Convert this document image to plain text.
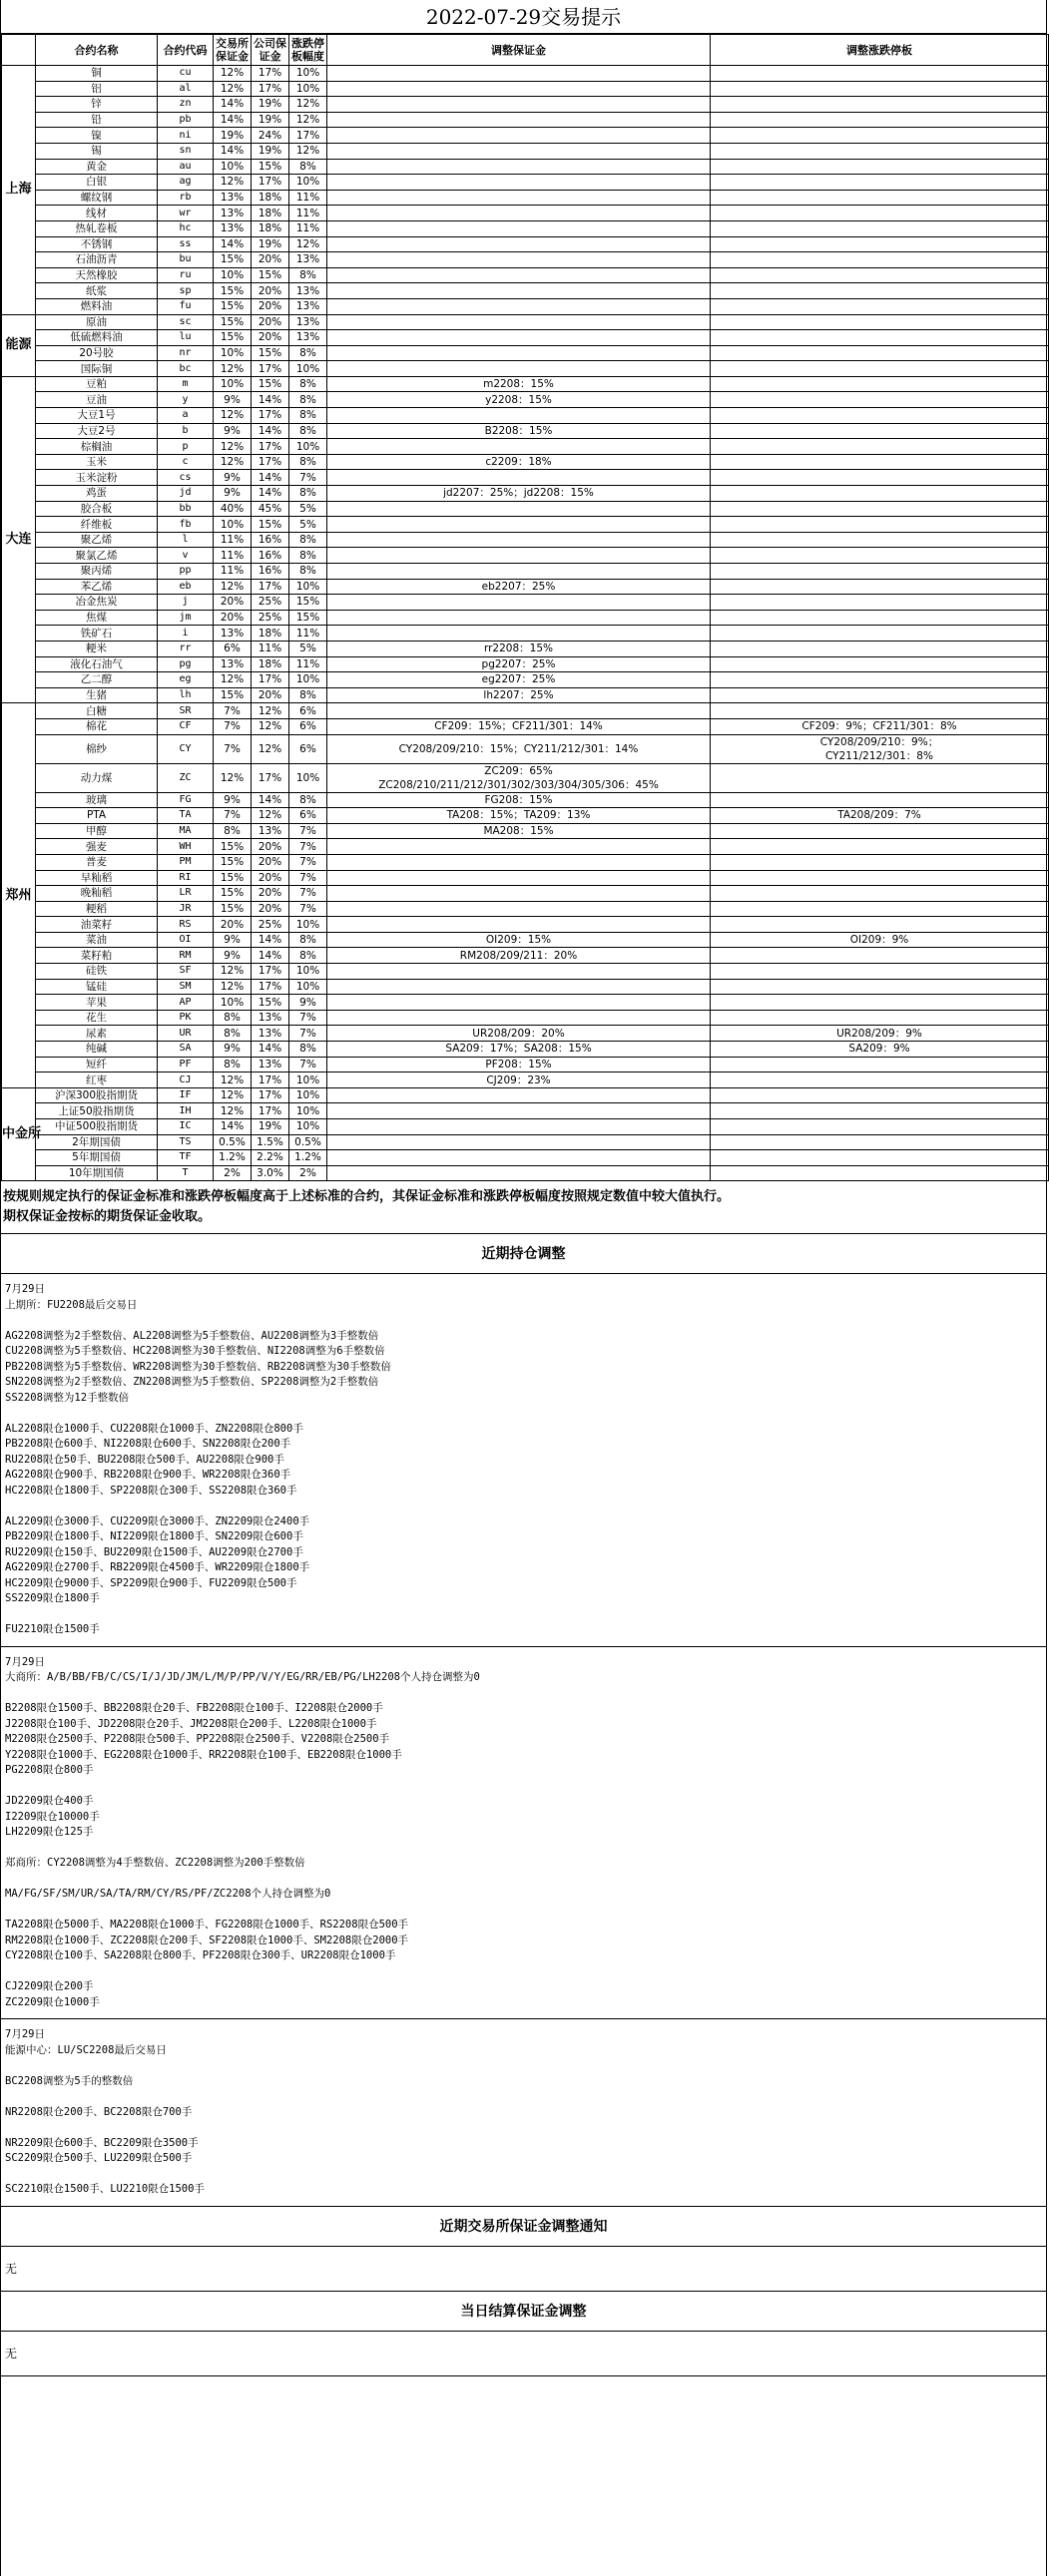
2022-07-29交易提示
	合约名称	合约代码	交易所保证金	公司保证金	涨跌停板幅度	调整保证金	调整涨跌停板
上海	铜	cu	12%	17%	10%		
	铝	al	12%	17%	10%		
	锌	zn	14%	19%	12%		
	铅	pb	14%	19%	12%		
	镍	ni	19%	24%	17%		
	锡	sn	14%	19%	12%		
	黄金	au	10%	15%	8%		
	白银	ag	12%	17%	10%		
	螺纹钢	rb	13%	18%	11%		
	线材	wr	13%	18%	11%		
	热轧卷板	hc	13%	18%	11%		
	不锈钢	ss	14%	19%	12%		
	石油沥青	bu	15%	20%	13%		
	天然橡胶	ru	10%	15%	8%		
	纸浆	sp	15%	20%	13%		
	燃料油	fu	15%	20%	13%		
能源	原油	sc	15%	20%	13%		
	低硫燃料油	lu	15%	20%	13%		
	20号胶	nr	10%	15%	8%		
	国际铜	bc	12%	17%	10%		
大连	豆粕	m	10%	15%	8%	m2208：15%	
	豆油	y	9%	14%	8%	y2208：15%	
	大豆1号	a	12%	17%	8%		
	大豆2号	b	9%	14%	8%	B2208：15%	
	棕榈油	p	12%	17%	10%		
	玉米	c	12%	17%	8%	c2209：18%	
	玉米淀粉	cs	9%	14%	7%		
	鸡蛋	jd	9%	14%	8%	jd2207：25%；jd2208：15%	
	胶合板	bb	40%	45%	5%		
	纤维板	fb	10%	15%	5%		
	聚乙烯	l	11%	16%	8%		
	聚氯乙烯	v	11%	16%	8%		
	聚丙烯	pp	11%	16%	8%		
	苯乙烯	eb	12%	17%	10%	eb2207：25%	
	冶金焦炭	j	20%	25%	15%		
	焦煤	jm	20%	25%	15%		
	铁矿石	i	13%	18%	11%		
	粳米	rr	6%	11%	5%	rr2208：15%	
	液化石油气	pg	13%	18%	11%	pg2207：25%	
	乙二醇	eg	12%	17%	10%	eg2207：25%	
	生猪	lh	15%	20%	8%	lh2207：25%	
郑州	白糖	SR	7%	12%	6%		
	棉花	CF	7%	12%	6%	CF209：15%；CF211/301：14%	CF209：9%；CF211/301：8%
	棉纱	CY	7%	12%	6%	CY208/209/210：15%；CY211/212/301：14%	CY208/209/210：9%；
CY211/212/301：8%
	动力煤	ZC	12%	17%	10%	ZC209：65%
ZC208/210/211/212/301/302/303/304/305/306：45%	
	玻璃	FG	9%	14%	8%	FG208：15%	
	PTA	TA	7%	12%	6%	TA208：15%；TA209：13%	TA208/209：7%
	甲醇	MA	8%	13%	7%	MA208：15%	
	强麦	WH	15%	20%	7%		
	普麦	PM	15%	20%	7%		
	早籼稻	RI	15%	20%	7%		
	晚籼稻	LR	15%	20%	7%		
	粳稻	JR	15%	20%	7%		
	油菜籽	RS	20%	25%	10%		
	菜油	OI	9%	14%	8%	OI209：15%	OI209：9%
	菜籽粕	RM	9%	14%	8%	RM208/209/211：20%	
	硅铁	SF	12%	17%	10%		
	锰硅	SM	12%	17%	10%		
	苹果	AP	10%	15%	9%		
	花生	PK	8%	13%	7%		
	尿素	UR	8%	13%	7%	UR208/209：20%	UR208/209：9%
	纯碱	SA	9%	14%	8%	SA209：17%；SA208：15%	SA209：9%
	短纤	PF	8%	13%	7%	PF208：15%	
	红枣	CJ	12%	17%	10%	CJ209：23%	
中金所	沪深300股指期货	IF	12%	17%	10%		
	上证50股指期货	IH	12%	17%	10%		
	中证500股指期货	IC	14%	19%	10%		
	2年期国债	TS	0.5%	1.5%	0.5%		
	5年期国债	TF	1.2%	2.2%	1.2%		
	10年期国债	T	2%	3.0%	2%		
按规则规定执行的保证金标准和涨跌停板幅度高于上述标准的合约，其保证金标准和涨跌停板幅度按照规定数值中较大值执行。
期权保证金按标的期货保证金收取。
近期持仓调整
7月29日
上期所：FU2208最后交易日

AG2208调整为2手整数倍、AL2208调整为5手整数倍、AU2208调整为3手整数倍
CU2208调整为5手整数倍、HC2208调整为30手整数倍、NI2208调整为6手整数倍
PB2208调整为5手整数倍、WR2208调整为30手整数倍、RB2208调整为30手整数倍
SN2208调整为2手整数倍、ZN2208调整为5手整数倍、SP2208调整为2手整数倍
SS2208调整为12手整数倍

AL2208限仓1000手、CU2208限仓1000手、ZN2208限仓800手
PB2208限仓600手、NI2208限仓600手、SN2208限仓200手
RU2208限仓50手、BU2208限仓500手、AU2208限仓900手
AG2208限仓900手、RB2208限仓900手、WR2208限仓360手
HC2208限仓1800手、SP2208限仓300手、SS2208限仓360手

AL2209限仓3000手、CU2209限仓3000手、ZN2209限仓2400手
PB2209限仓1800手、NI2209限仓1800手、SN2209限仓600手
RU2209限仓150手、BU2209限仓1500手、AU2209限仓2700手
AG2209限仓2700手、RB2209限仓4500手、WR2209限仓1800手
HC2209限仓9000手、SP2209限仓900手、FU2209限仓500手
SS2209限仓1800手

FU2210限仓1500手
7月29日
大商所：A/B/BB/FB/C/CS/I/J/JD/JM/L/M/P/PP/V/Y/EG/RR/EB/PG/LH2208个人持仓调整为0

B2208限仓1500手、BB2208限仓20手、FB2208限仓100手、I2208限仓2000手
J2208限仓100手、JD2208限仓20手、JM2208限仓200手、L2208限仓1000手
M2208限仓2500手、P2208限仓500手、PP2208限仓2500手、V2208限仓2500手
Y2208限仓1000手、EG2208限仓1000手、RR2208限仓100手、EB2208限仓1000手
PG2208限仓800手

JD2209限仓400手
I2209限仓10000手
LH2209限仓125手

郑商所：CY2208调整为4手整数倍、ZC2208调整为200手整数倍

MA/FG/SF/SM/UR/SA/TA/RM/CY/RS/PF/ZC2208个人持仓调整为0

TA2208限仓5000手、MA2208限仓1000手、FG2208限仓1000手、RS2208限仓500手
RM2208限仓1000手、ZC2208限仓200手、SF2208限仓1000手、SM2208限仓2000手
CY2208限仓100手、SA2208限仓800手、PF2208限仓300手、UR2208限仓1000手

CJ2209限仓200手
ZC2209限仓1000手
7月29日
能源中心：LU/SC2208最后交易日

BC2208调整为5手的整数倍

NR2208限仓200手、BC2208限仓700手

NR2209限仓600手、BC2209限仓3500手
SC2209限仓500手、LU2209限仓500手

SC2210限仓1500手、LU2210限仓1500手
近期交易所保证金调整通知
无
当日结算保证金调整
无
